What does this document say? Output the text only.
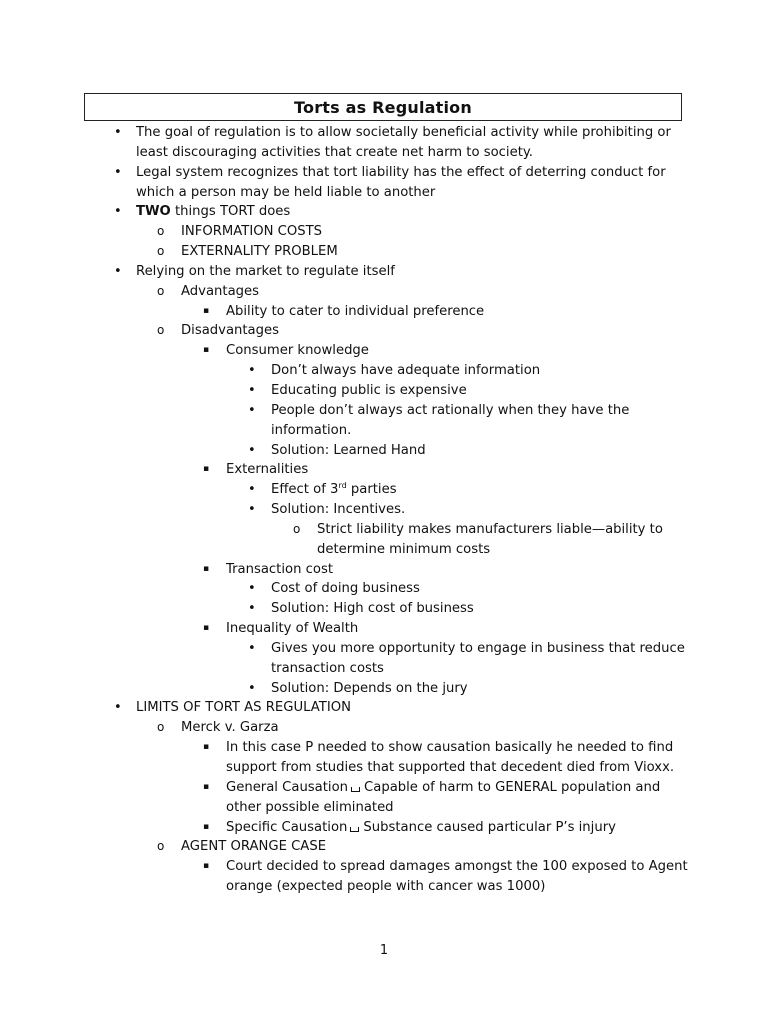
Torts as Regulation
• The goal of regulation is to allow societally beneficial activity while prohibiting or
least discouraging activities that create net harm to society.
• Legal system recognizes that tort liability has the effect of deterring conduct for
which a person may be held liable to another
• TWO things TORT does
o INFORMATION COSTS
o EXTERNALITY PROBLEM
• Relying on the market to regulate itself
o Advantages
▪ Ability to cater to individual preference
o Disadvantages
▪ Consumer knowledge
• Don’t always have adequate information
• Educating public is expensive
• People don’t always act rationally when they have the
information.
• Solution: Learned Hand
▪ Externalities
• Effect of 3rd parties
• Solution: Incentives.
o Strict liability makes manufacturers liable—ability to
determine minimum costs
▪ Transaction cost
• Cost of doing business
• Solution: High cost of business
▪ Inequality of Wealth
• Gives you more opportunity to engage in business that reduce
transaction costs
• Solution: Depends on the jury
• LIMITS OF TORT AS REGULATION
o Merck v. Garza
▪ In this case P needed to show causation basically he needed to find
support from studies that supported that decedent died from Vioxx.
▪ General Causation Capable of harm to GENERAL population and
other possible eliminated
▪ Specific Causation Substance caused particular P’s injury
o AGENT ORANGE CASE
▪ Court decided to spread damages amongst the 100 exposed to Agent
orange (expected people with cancer was 1000)
1
